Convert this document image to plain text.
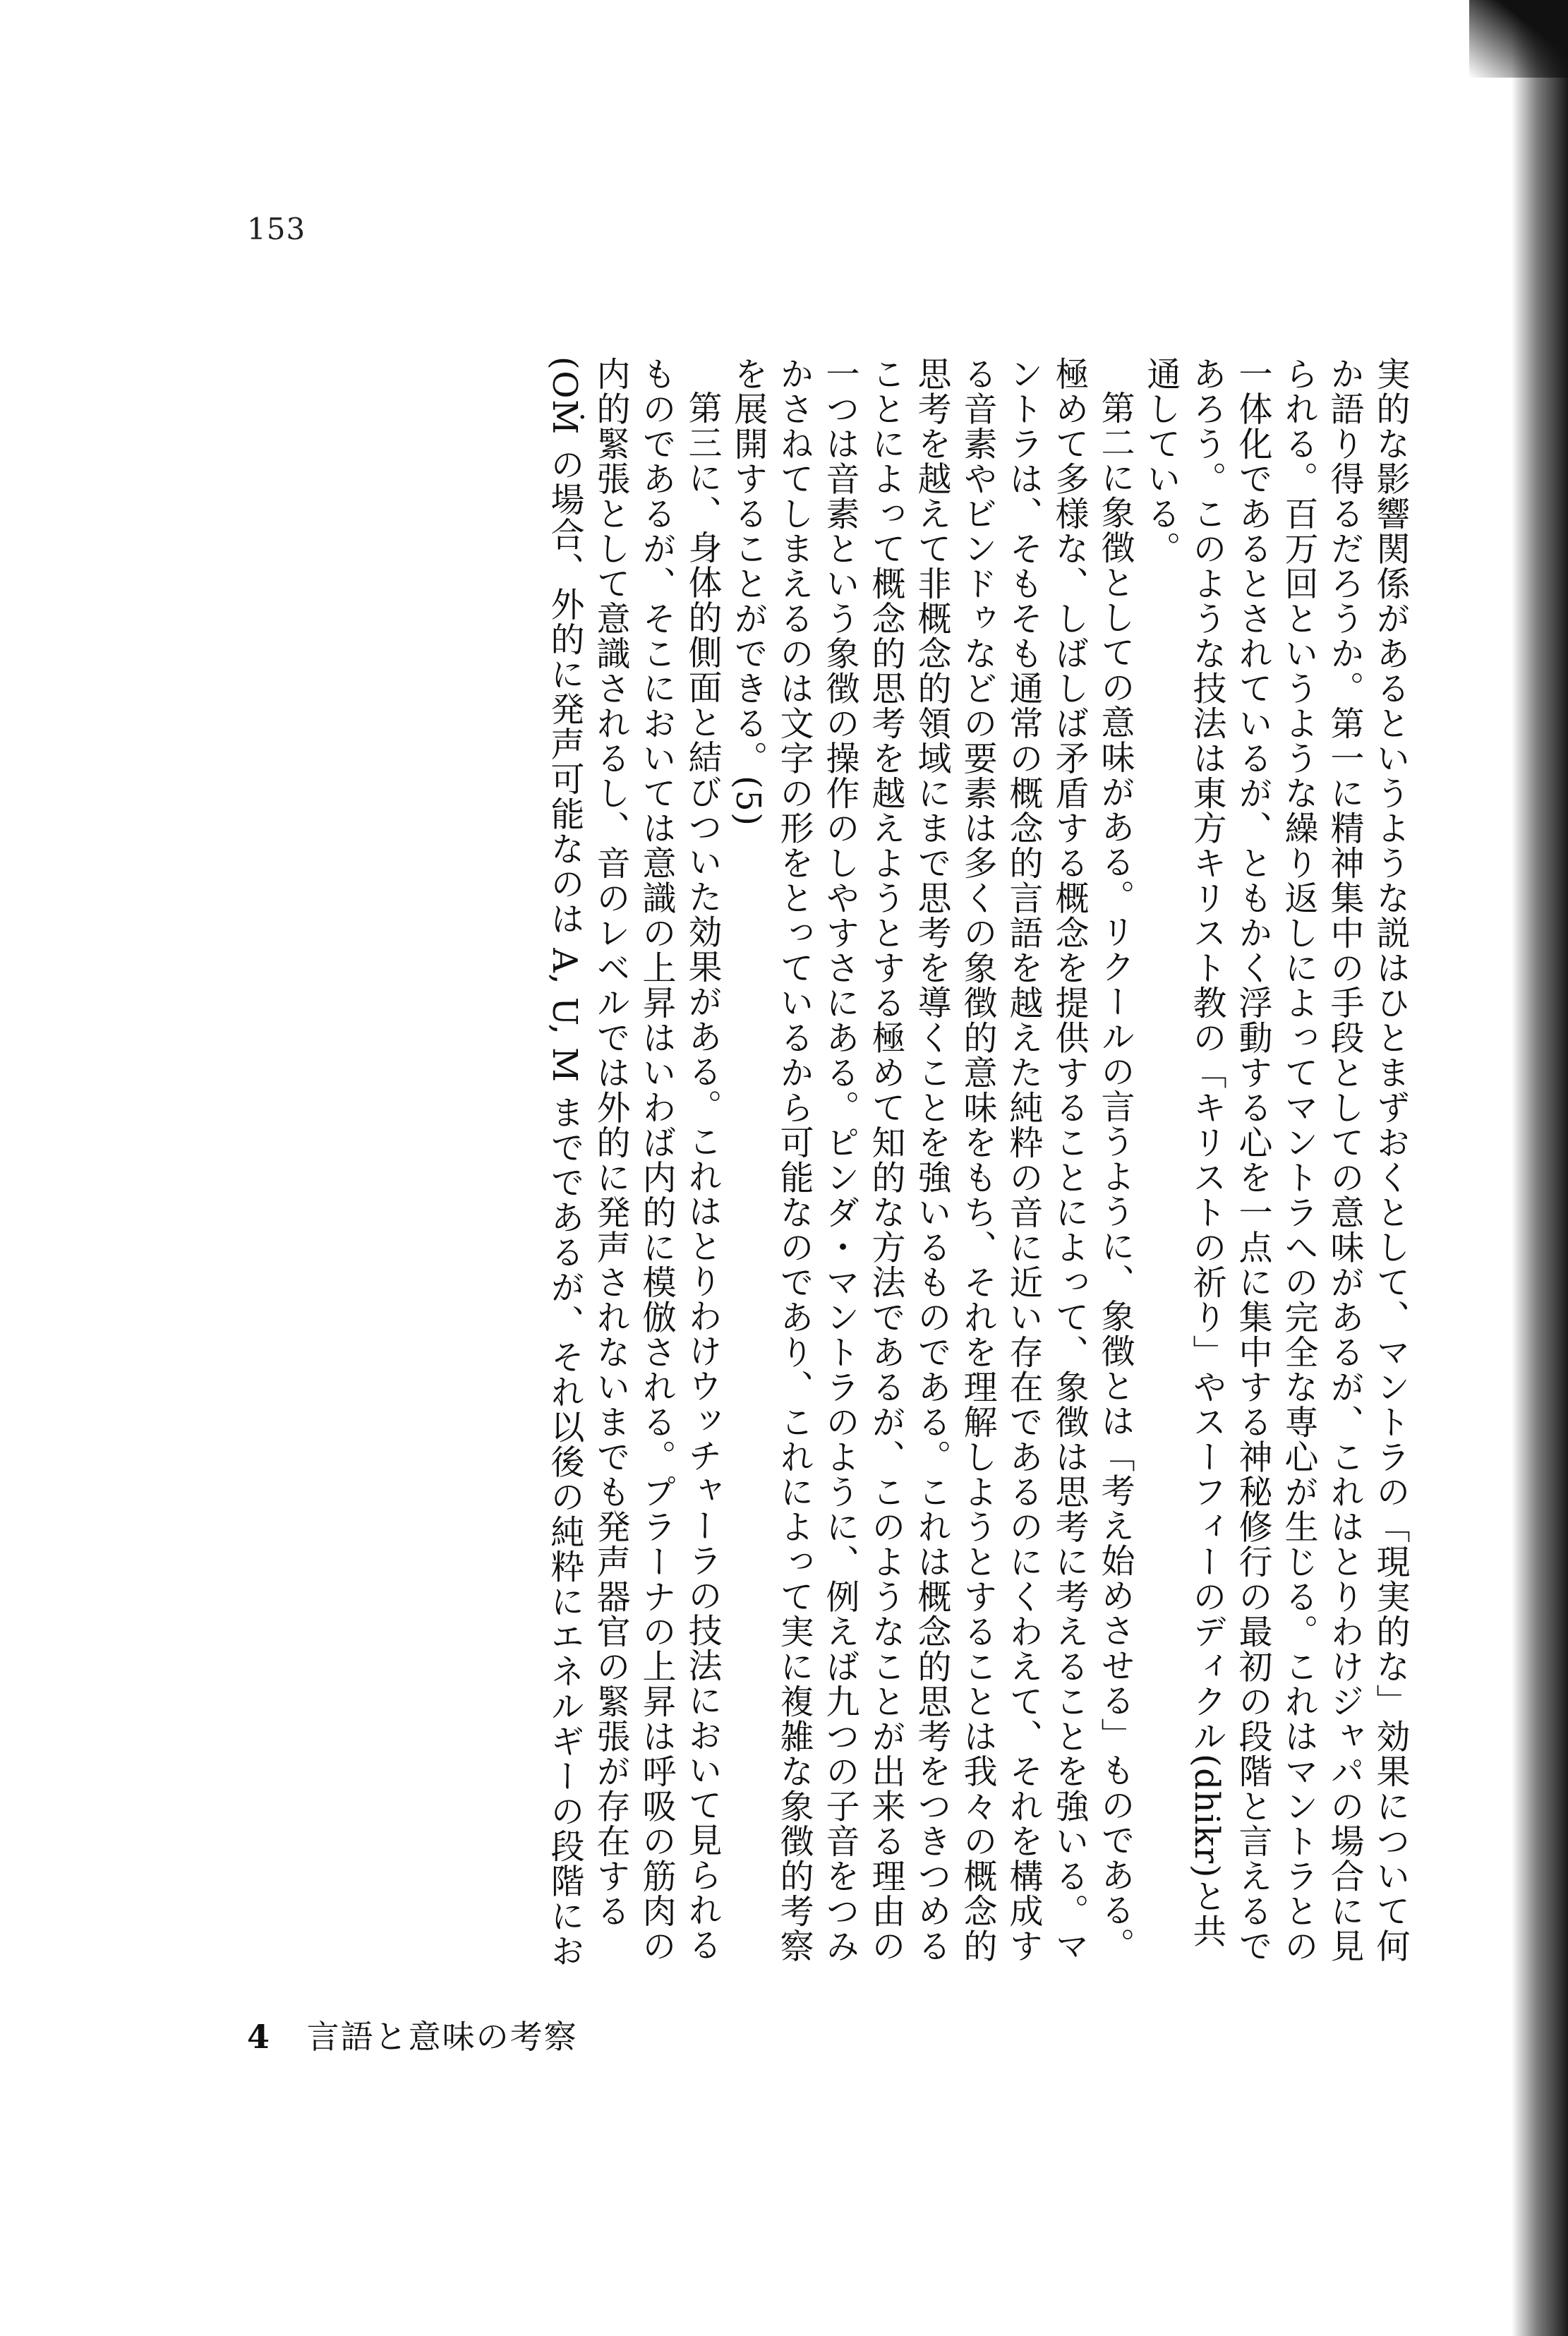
153
実的な影響関係があるというような説はひとまずおくとして、マントラの「現実的な」効果について何
か語り得るだろうか。第一に精神集中の手段としての意味があるが、これはとりわけジャパの場合に見
られる。百万回というような繰り返しによってマントラへの完全な専心が生じる。これはマントラとの
一体化であるとされているが、ともかく浮動する心を一点に集中する神秘修行の最初の段階と言えるで
あろう。このような技法は東方キリスト教の「キリストの祈り」やスーフィーのディクル(dhikr)と共
通している。
第二に象徴としての意味がある。リクールの言うように、象徴とは「考え始めさせる」ものである。
極めて多様な、しばしば矛盾する概念を提供することによって、象徴は思考に考えることを強いる。マ
ントラは、そもそも通常の概念的言語を越えた純粋の音に近い存在であるのにくわえて、それを構成す
る音素やビンドゥなどの要素は多くの象徴的意味をもち、それを理解しようとすることは我々の概念的
思考を越えて非概念的領域にまで思考を導くことを強いるものである。これは概念的思考をつきつめる
ことによって概念的思考を越えようとする極めて知的な方法であるが、このようなことが出来る理由の
一つは音素という象徴の操作のしやすさにある。ピンダ・マントラのように、例えば九つの子音をつみ
かさねてしまえるのは文字の形をとっているから可能なのであり、これによって実に複雑な象徴的考察
を展開することができる。(5)
第三に、身体的側面と結びついた効果がある。これはとりわけウッチャーラの技法において見られる
ものであるが、そこにおいては意識の上昇はいわば内的に模倣される。プラーナの上昇は呼吸の筋肉の
内的緊張として意識されるし、音のレベルでは外的に発声されないまでも発声器官の緊張が存在する
(OṀ の場合、外的に発声可能なのは A, U, M までであるが、それ以後の純粋にエネルギーの段階にお
4 言語と意味の考察
